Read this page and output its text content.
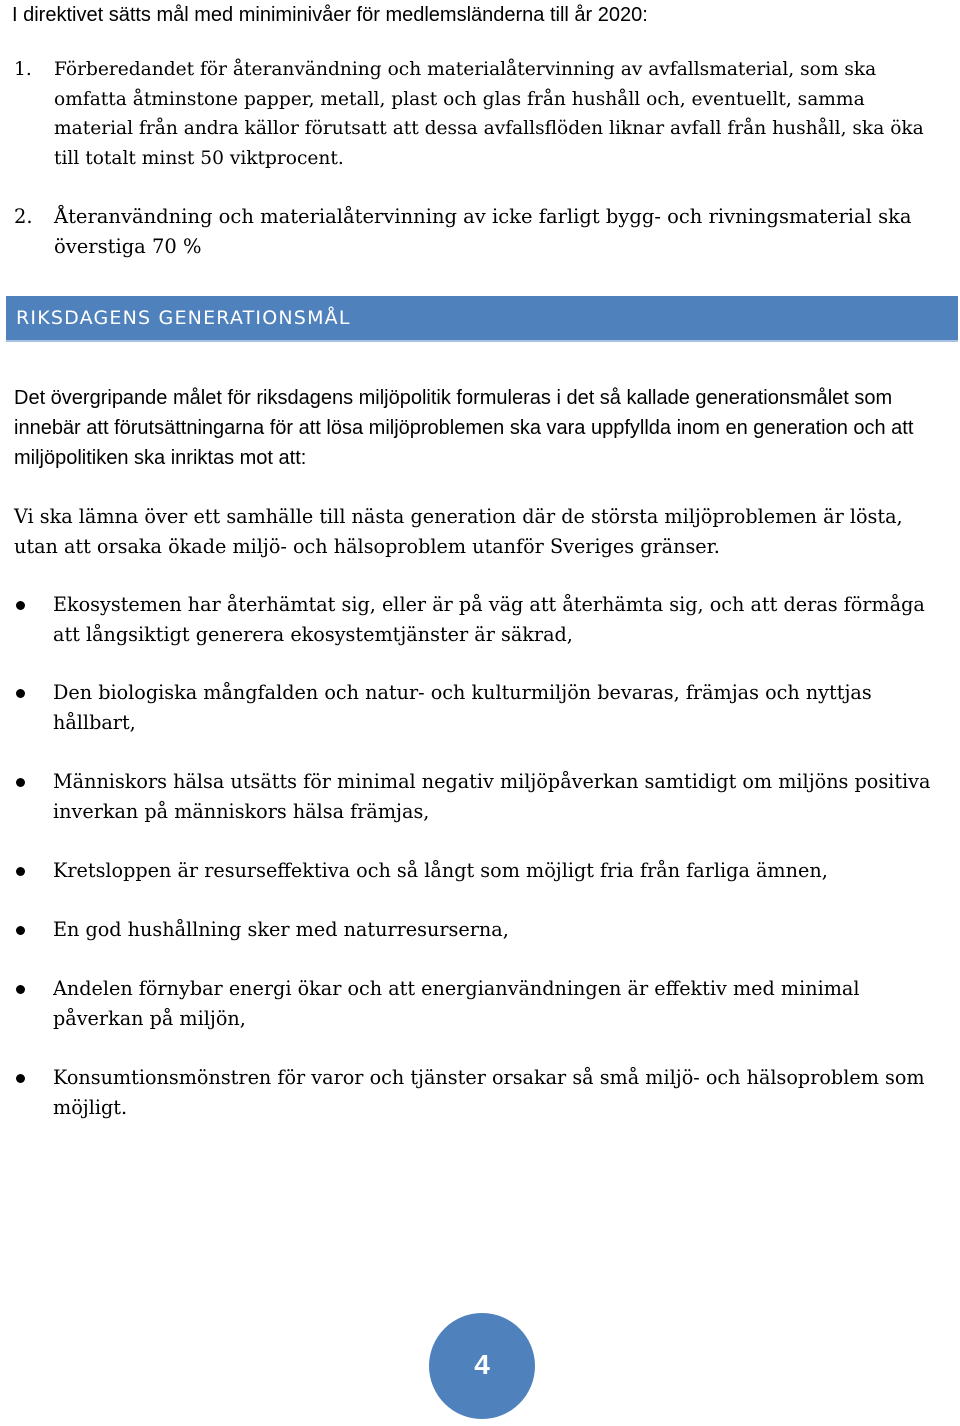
I direktivet sätts mål med miniminivåer för medlemsländerna till år 2020:
1. Förberedandet för återanvändning och materialåtervinning av avfallsmaterial, som ska omfatta åtminstone papper, metall, plast och glas från hushåll och, eventuellt, samma material från andra källor förutsatt att dessa avfallsflöden liknar avfall från hushåll, ska öka till totalt minst 50 viktprocent.
2. Återanvändning och materialåtervinning av icke farligt bygg- och rivningsmaterial ska överstiga 70 %
RIKSDAGENS GENERATIONSMÅL
Det övergripande målet för riksdagens miljöpolitik formuleras i det så kallade generationsmålet som innebär att förutsättningarna för att lösa miljöproblemen ska vara uppfyllda inom en generation och att miljöpolitiken ska inriktas mot att:
Vi ska lämna över ett samhälle till nästa generation där de största miljöproblemen är lösta, utan att orsaka ökade miljö- och hälsoproblem utanför Sveriges gränser.
Ekosystemen har återhämtat sig, eller är på väg att återhämta sig, och att deras förmåga att långsiktigt generera ekosystemtjänster är säkrad,
Den biologiska mångfalden och natur- och kulturmiljön bevaras, främjas och nyttjas hållbart,
Människors hälsa utsätts för minimal negativ miljöpåverkan samtidigt om miljöns positiva inverkan på människors hälsa främjas,
Kretsloppen är resurseffektiva och så långt som möjligt fria från farliga ämnen,
En god hushållning sker med naturresurserna,
Andelen förnybar energi ökar och att energianvändningen är effektiv med minimal påverkan på miljön,
Konsumtionsmönstren för varor och tjänster orsakar så små miljö- och hälsoproblem som möjligt.
4
